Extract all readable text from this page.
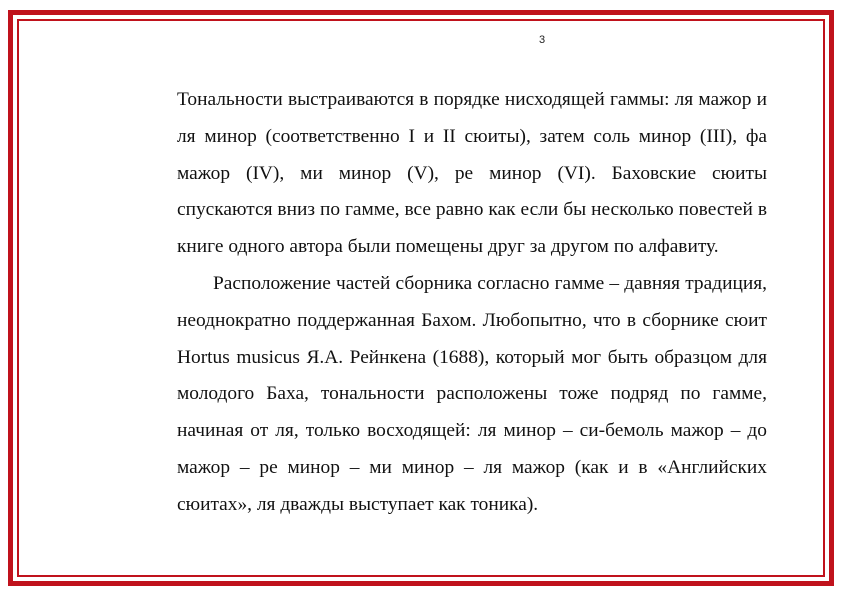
3

Тональности выстраиваются в порядке нисходящей гаммы: ля мажор и ля минор (соответственно I и II сюиты), затем соль минор (III), фа мажор (IV), ми минор (V), ре минор (VI). Баховские сюиты спускаются вниз по гамме, все равно как если бы несколько повестей в книге одного автора были помещены друг за другом по алфавиту.

Расположение частей сборника согласно гамме – давняя традиция, неоднократно поддержанная Бахом. Любопытно, что в сборнике сюит Hortus musicus Я.А. Рейнкена (1688), который мог быть образцом для молодого Баха, тональности расположены тоже подряд по гамме, начиная от ля, только восходящей: ля минор – си-бемоль мажор – до мажор – ре минор – ми минор – ля мажор (как и в «Английских сюитах», ля дважды выступает как тоника).
